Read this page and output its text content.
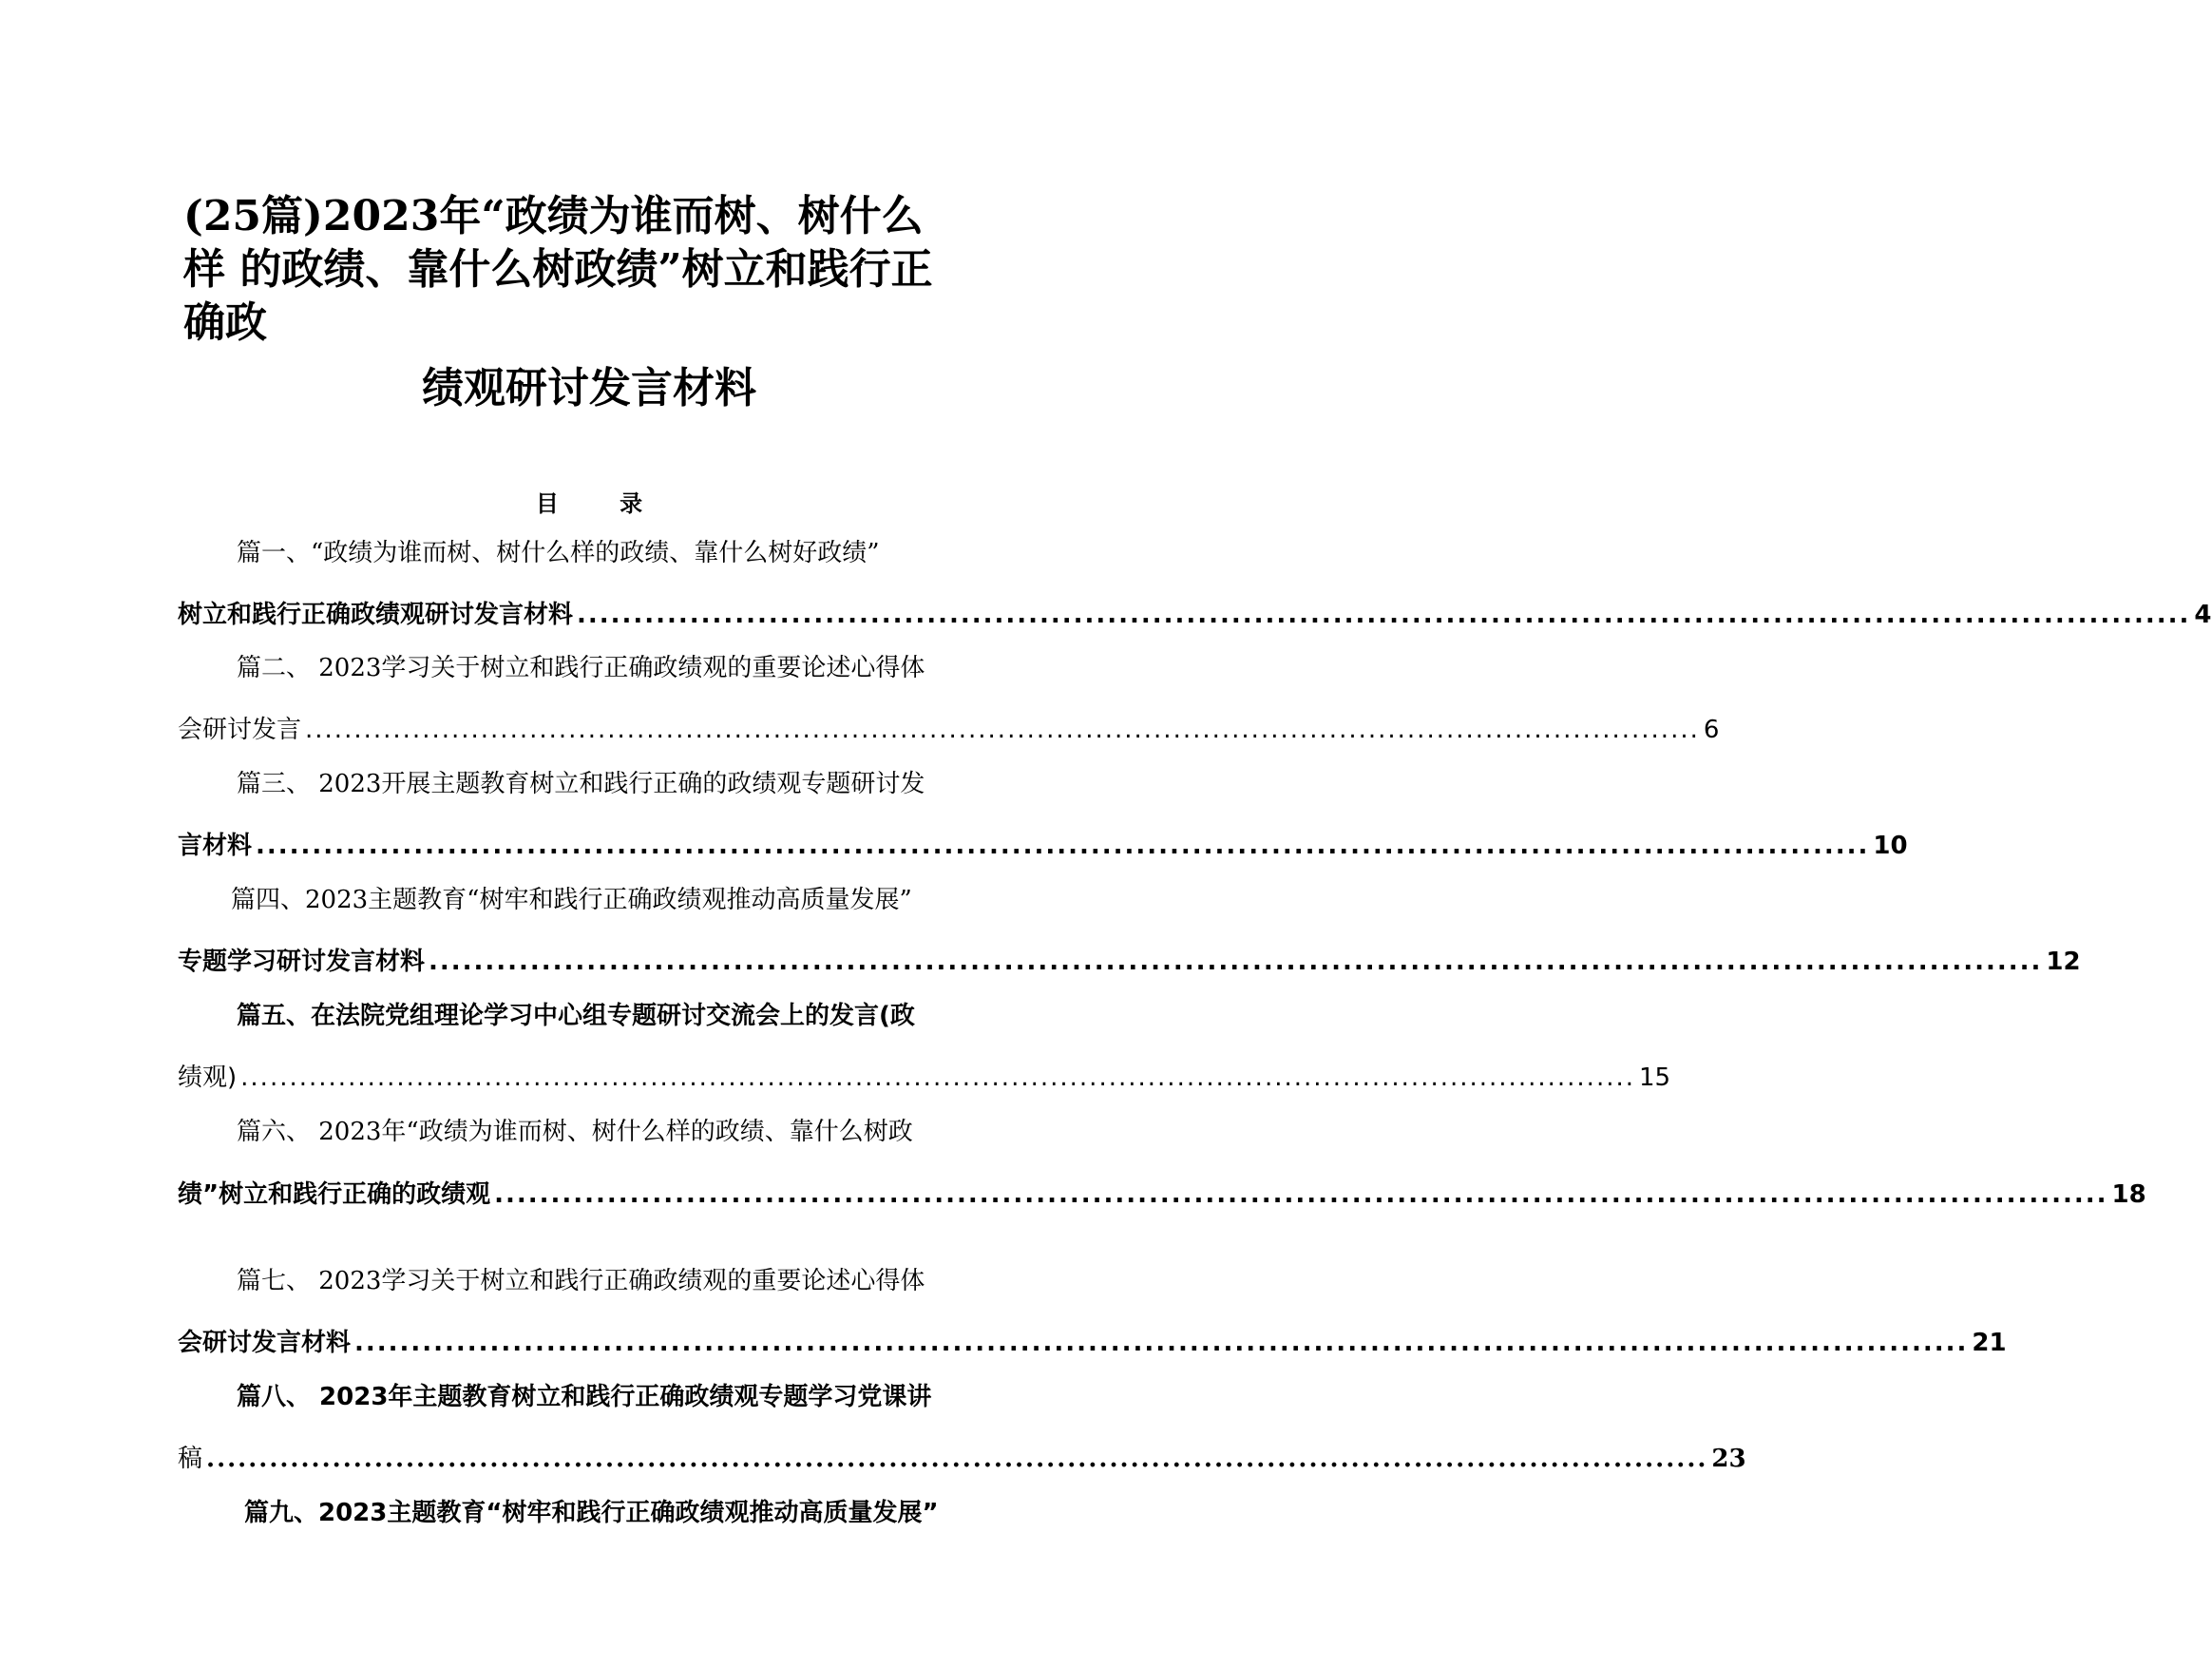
(25篇)2023年“政绩为谁而树、树什么
样 的政绩、靠什么树政绩”树立和践行正
确政
绩观研讨发言材料
目 录
篇一、“政绩为谁而树、树什么样的政绩、靠什么树好政绩”
树立和践行正确政绩观研讨发言材料 ............................................................................................................................................... 4
篇二、 2023学习关于树立和践行正确政绩观的重要论述心得体
会研讨发言 ............................................................................................................................................... 6
篇三、 2023开展主题教育树立和践行正确的政绩观专题研讨发
言材料 ............................................................................................................................................... 10
篇四、2023主题教育“树牢和践行正确政绩观推动高质量发展”
专题学习研讨发言材料 ............................................................................................................................................... 12
篇五、在法院党组理论学习中心组专题研讨交流会上的发言(政
绩观) ............................................................................................................................................... 15
篇六、 2023年“政绩为谁而树、树什么样的政绩、靠什么树政
绩”树立和践行正确的政绩观 ............................................................................................................................................... 18
篇七、 2023学习关于树立和践行正确政绩观的重要论述心得体
会研讨发言材料 ............................................................................................................................................... 21
篇八、 2023年主题教育树立和践行正确政绩观专题学习党课讲
稿 ............................................................................................................................................... 23
篇九、2023主题教育“树牢和践行正确政绩观推动高质量发展”
